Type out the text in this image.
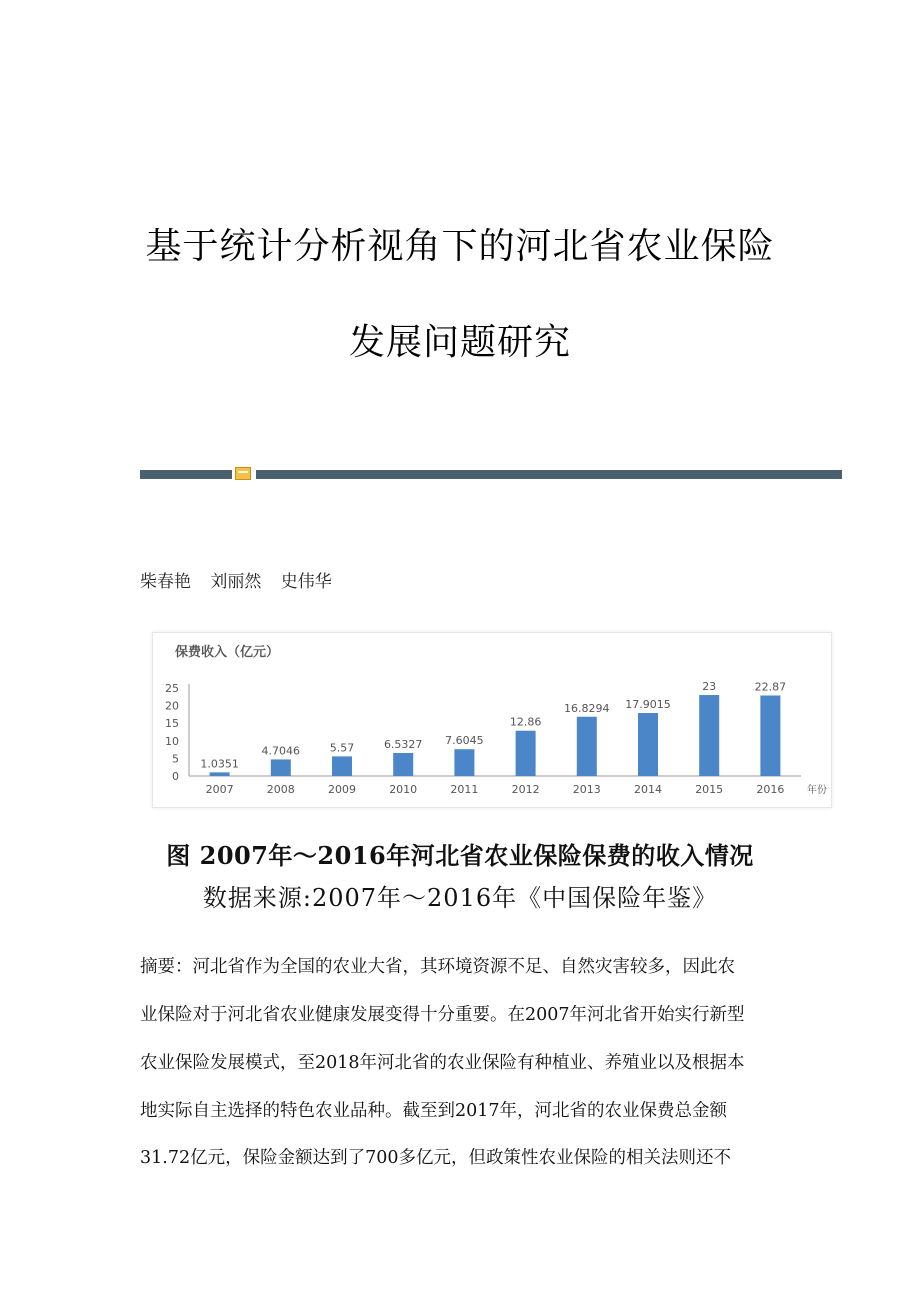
基于统计分析视角下的河北省农业保险
发展问题研究
柴春艳 刘丽然 史伟华
保费收入（亿元）
0
5
10
15
20
25
1.0351
2007
4.7046
2008
5.57
2009
6.5327
2010
7.6045
2011
12.86
2012
16.8294
2013
17.9015
2014
23
2015
22.87
2016 年份
图 2007年～2016年河北省农业保险保费的收入情况
数据来源:2007年～2016年《中国保险年鉴》
摘要：河北省作为全国的农业大省，其环境资源不足、自然灾害较多，因此农
业保险对于河北省农业健康发展变得十分重要。在2007年河北省开始实行新型
农业保险发展模式，至2018年河北省的农业保险有种植业、养殖业以及根据本
地实际自主选择的特色农业品种。截至到2017年，河北省的农业保费总金额
31.72亿元，保险金额达到了700多亿元，但政策性农业保险的相关法则还不
